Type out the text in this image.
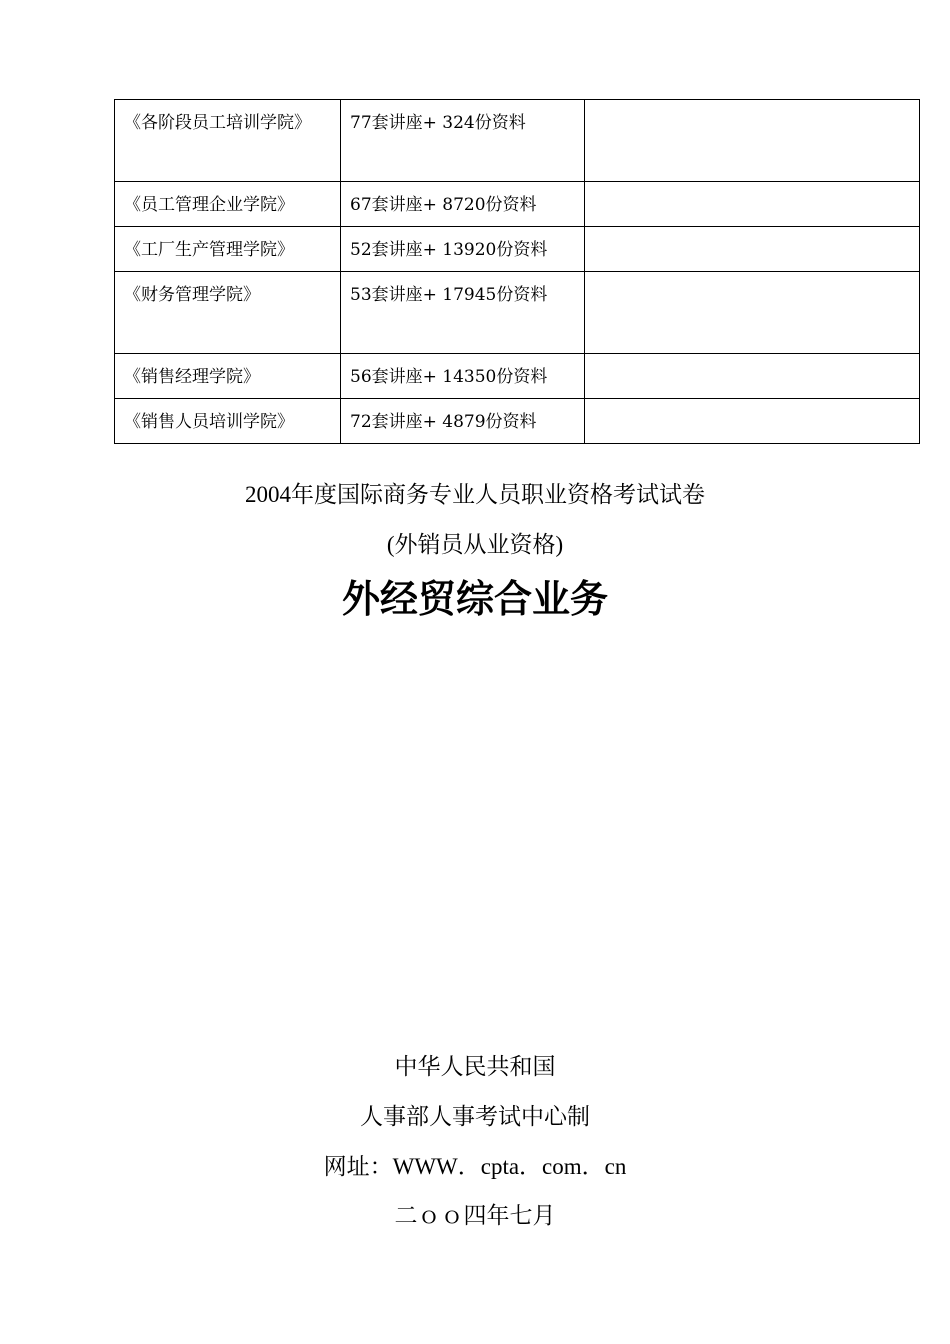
《各阶段员工培训学院》	77套讲座+ 324份资料	
《员工管理企业学院》	67套讲座+ 8720份资料	
《工厂生产管理学院》	52套讲座+ 13920份资料	
《财务管理学院》	53套讲座+ 17945份资料	
《销售经理学院》	56套讲座+ 14350份资料	
《销售人员培训学院》	72套讲座+ 4879份资料	
2004年度国际商务专业人员职业资格考试试卷
(外销员从业资格)
外经贸综合业务
中华人民共和国
人事部人事考试中心制
网址：WWW．cpta．com．cn
二ｏｏ四年七月
